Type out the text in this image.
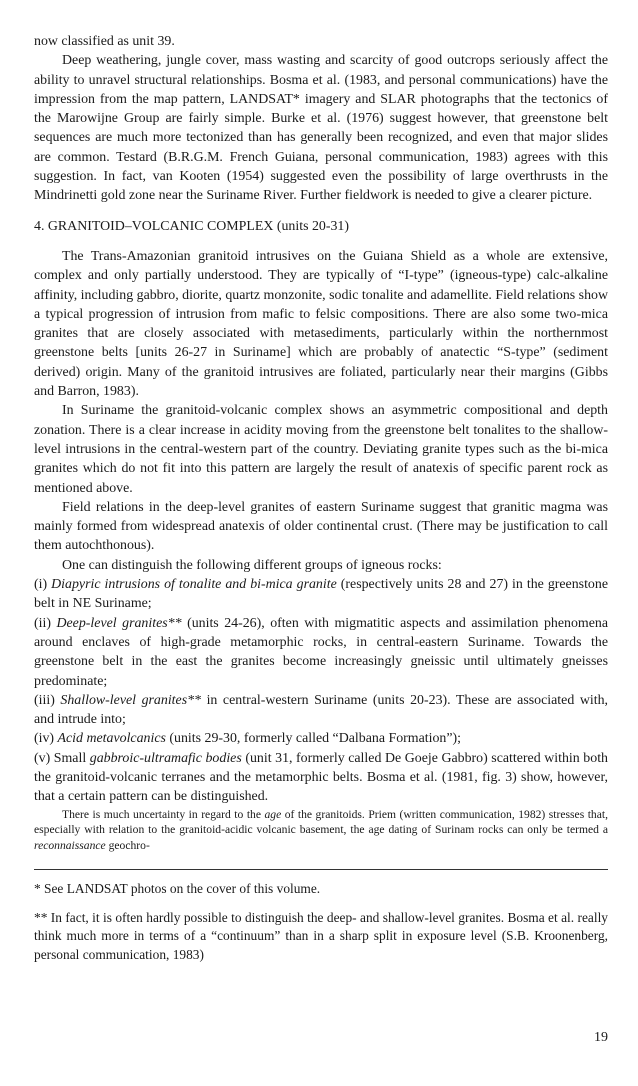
now classified as unit 39.

Deep weathering, jungle cover, mass wasting and scarcity of good outcrops seriously affect the ability to unravel structural relationships. Bosma et al. (1983, and personal communications) have the impression from the map pattern, LANDSAT* imagery and SLAR photographs that the tectonics of the Marowijne Group are fairly simple. Burke et al. (1976) suggest however, that greenstone belt sequences are much more tectonized than has generally been recognized, and even that major slides are common. Testard (B.R.G.M. French Guiana, personal communication, 1983) agrees with this suggestion. In fact, van Kooten (1954) suggested even the possibility of large overthrusts in the Mindrinetti gold zone near the Suriname River. Further fieldwork is needed to give a clearer picture.

4. GRANITOID–VOLCANIC COMPLEX (units 20-31)

The Trans-Amazonian granitoid intrusives on the Guiana Shield as a whole are extensive, complex and only partially understood. They are typically of “I-type” (igneous-type) calc-alkaline affinity, including gabbro, diorite, quartz monzonite, sodic tonalite and adamellite. Field relations show a typical progression of intrusion from mafic to felsic compositions. There are also some two-mica granites that are closely associated with metasediments, particularly within the northernmost greenstone belts [units 26-27 in Suriname] which are probably of anatectic “S-type” (sediment derived) origin. Many of the granitoid intrusives are foliated, particularly near their margins (Gibbs and Barron, 1983).

In Suriname the granitoid-volcanic complex shows an asymmetric compositional and depth zonation. There is a clear increase in acidity moving from the greenstone belt tonalites to the shallow-level intrusions in the central-western part of the country. Deviating granite types such as the bi-mica granites which do not fit into this pattern are largely the result of anatexis of specific parent rock as mentioned above.

Field relations in the deep-level granites of eastern Suriname suggest that granitic magma was mainly formed from widespread anatexis of older continental crust. (There may be justification to call them autochthonous).

One can distinguish the following different groups of igneous rocks:

(i) Diapyric intrusions of tonalite and bi-mica granite (respectively units 28 and 27) in the greenstone belt in NE Suriname;

(ii) Deep-level granites** (units 24-26), often with migmatitic aspects and assimilation phenomena around enclaves of high-grade metamorphic rocks, in central-eastern Suriname. Towards the greenstone belt in the east the granites become increasingly gneissic until ultimately gneisses predominate;

(iii) Shallow-level granites** in central-western Suriname (units 20-23). These are associated with, and intrude into;

(iv) Acid metavolcanics (units 29-30, formerly called “Dalbana Formation”);

(v) Small gabbroic-ultramafic bodies (unit 31, formerly called De Goeje Gabbro) scattered within both the granitoid-volcanic terranes and the metamorphic belts. Bosma et al. (1981, fig. 3) show, however, that a certain pattern can be distinguished.

There is much uncertainty in regard to the age of the granitoids. Priem (written communication, 1982) stresses that, especially with relation to the granitoid-acidic volcanic basement, the age dating of Surinam rocks can only be termed a reconnaissance geochro-

* See LANDSAT photos on the cover of this volume.

** In fact, it is often hardly possible to distinguish the deep- and shallow-level granites. Bosma et al. really think much more in terms of a “continuum” than in a sharp split in exposure level (S.B. Kroonenberg, personal communication, 1983)

19
